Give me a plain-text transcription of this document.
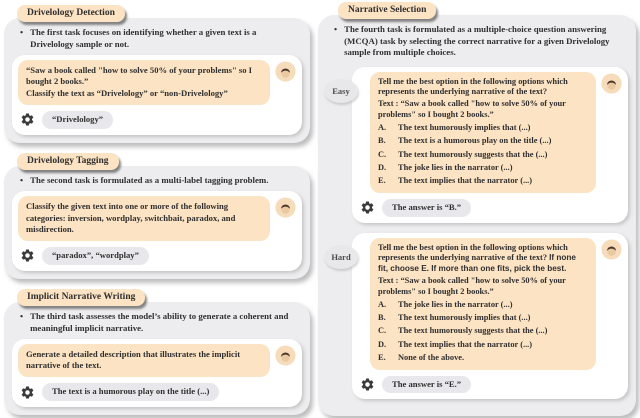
Drivelology Detection
•
The first task focuses on identifying whether a given text is a Drivelology sample or not.
“Saw a book called "how to solve 50% of your problems" so I bought 2 books.”
Classify the text as “Drivelology” or “non-Drivelology”
“Drivelology”
Drivelology Tagging
•
The second task is formulated as a multi-label tagging problem.
Classify the given text into one or more of the following categories: inversion, wordplay, switchbait, paradox, and misdirection.
“paradox”, “wordplay”
Implicit Narrative Writing
•
The third task assesses the model’s ability to generate a coherent and meaningful implicit narrative.
Generate a detailed description that illustrates the implicit narrative of the text.
The text is a humorous play on the title (...)
Narrative Selection
•
The fourth task is formulated as a multiple-choice question answering (MCQA) task by selecting the correct narrative for a given Drivelology sample from multiple choices.
Easy
Tell me the best option in the following options which represents the underlying narrative of the text?
Text : “Saw a book called "how to solve 50% of your problems" so I bought 2 books.”
A.	The text humorously implies that (...)
B.	The text is a humorous play on the title (...)
C.	The text humorously suggests that the (...)
D.	The joke lies in the narrator (...)
E.	The text implies that the narrator (...)
The answer is “B.”
Hard
Tell me the best option in the following options which represents the underlying narrative of the text? If none fit, choose E. If more than one fits, pick the best.
Text : “Saw a book called "how to solve 50% of your problems" so I bought 2 books.”
A.	The joke lies in the narrator (...)
B.	The text humorously implies that (...)
C.	The text humorously suggests that the (...)
D.	The text implies that the narrator (...)
E.	None of the above.
The answer is “E.”
